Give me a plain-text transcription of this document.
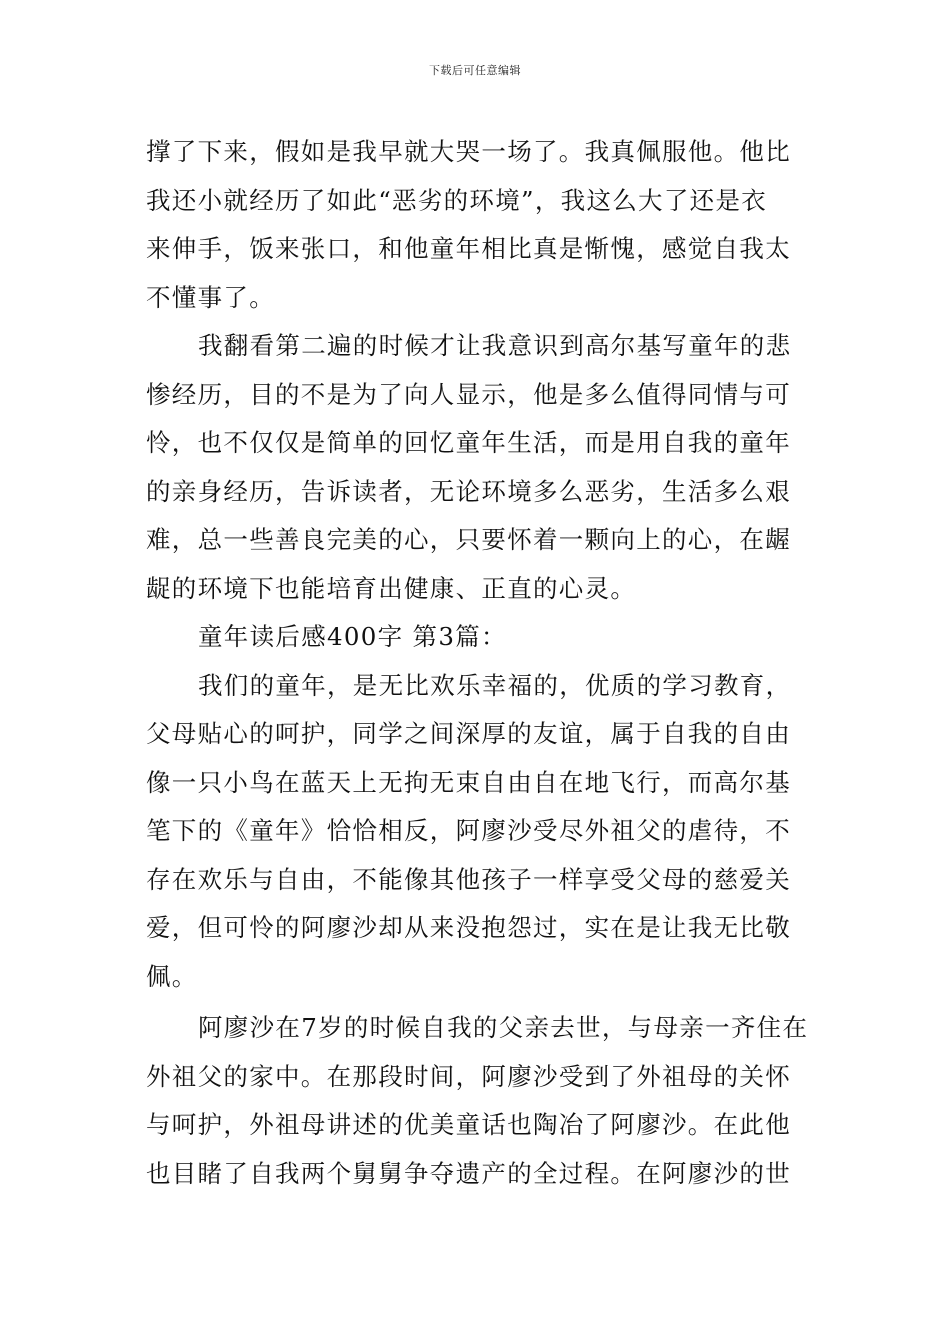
下载后可任意编辑
撑了下来，假如是我早就大哭一场了。我真佩服他。他比
我还小就经历了如此“恶劣的环境”，我这么大了还是衣
来伸手，饭来张口，和他童年相比真是惭愧，感觉自我太
不懂事了。
我翻看第二遍的时候才让我意识到高尔基写童年的悲
惨经历，目的不是为了向人显示，他是多么值得同情与可
怜，也不仅仅是简单的回忆童年生活，而是用自我的童年
的亲身经历，告诉读者，无论环境多么恶劣，生活多么艰
难，总一些善良完美的心，只要怀着一颗向上的心，在龌
龊的环境下也能培育出健康、正直的心灵。
童年读后感400字 第3篇：
我们的童年，是无比欢乐幸福的，优质的学习教育，
父母贴心的呵护，同学之间深厚的友谊，属于自我的自由
像一只小鸟在蓝天上无拘无束自由自在地飞行，而高尔基
笔下的《童年》恰恰相反，阿廖沙受尽外祖父的虐待，不
存在欢乐与自由，不能像其他孩子一样享受父母的慈爱关
爱，但可怜的阿廖沙却从来没抱怨过，实在是让我无比敬
佩。
阿廖沙在7岁的时候自我的父亲去世，与母亲一齐住在
外祖父的家中。在那段时间，阿廖沙受到了外祖母的关怀
与呵护，外祖母讲述的优美童话也陶冶了阿廖沙。在此他
也目睹了自我两个舅舅争夺遗产的全过程。在阿廖沙的世
